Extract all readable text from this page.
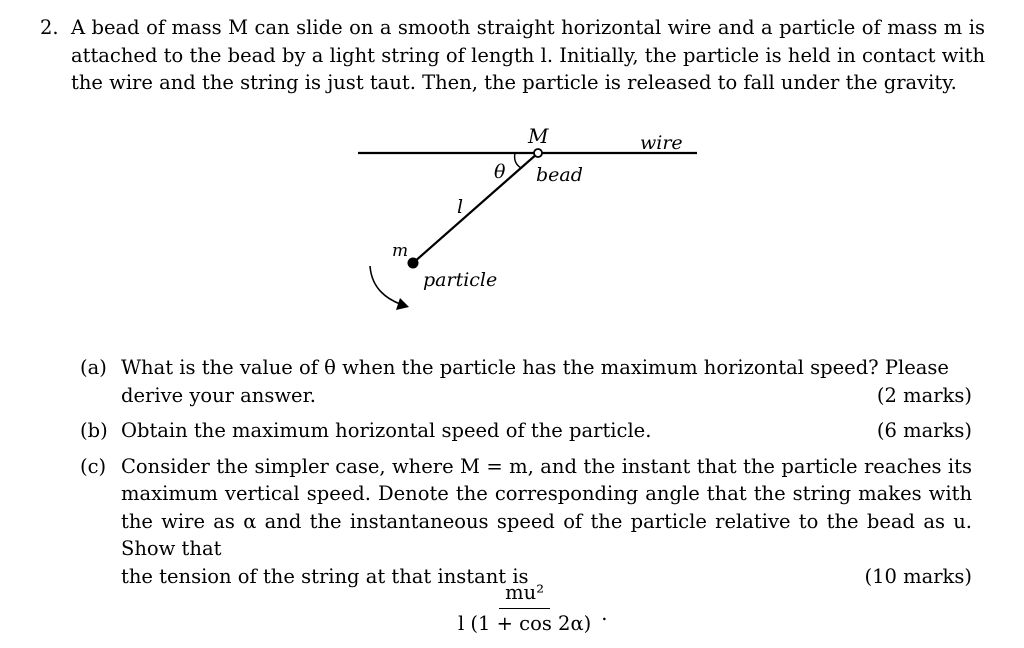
2. A bead of mass M can slide on a smooth straight horizontal wire and a particle of mass m is attached to the bead by a light string of length l. Initially, the particle is held in contact with the wire and the string is just taut. Then, the particle is released to fall under the gravity.
M	wire
θ bead
l
m
particle
(a) What is the value of θ when the particle has the maximum horizontal speed? Please
derive your answer.	(2 marks)
(b) Obtain the maximum horizontal speed of the particle.	(6 marks)
(c) Consider the simpler case, where M = m, and the instant that the particle reaches its maximum vertical speed. Denote the corresponding angle that the string makes with the wire as α and the instantaneous speed of the particle relative to the bead as u. Show that
the tension of the string at that instant is	(10 marks)
$\frac{\text{mu²}}{l (1 + \cos 2\alpha)}$ .
